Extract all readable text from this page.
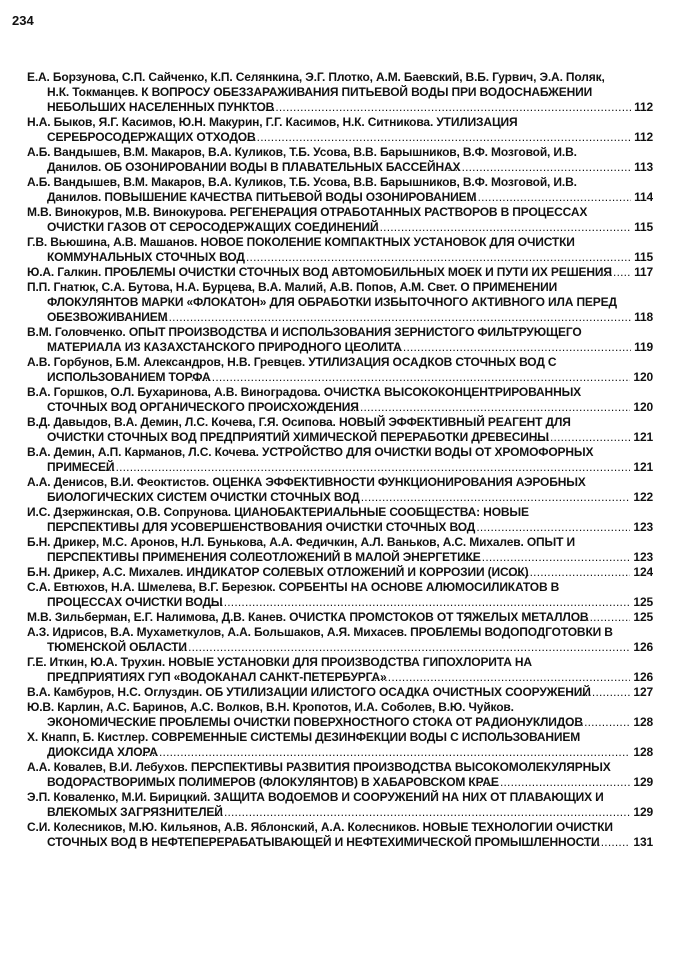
234
Е.А. Борзунова, С.П. Сайченко, К.П. Селянкина, Э.Г. Плотко, А.М. Баевский, В.Б. Гурвич, Э.А. Поляк, Н.К. Токманцев. К ВОПРОСУ ОБЕЗЗАРАЖИВАНИЯ ПИТЬЕВОЙ ВОДЫ ПРИ ВОДОСНАБЖЕНИИ НЕБОЛЬШИХ НАСЕЛЕННЫХ ПУНКТОВ .....	112
Н.А. Быков, Я.Г. Касимов, Ю.Н. Макурин, Г.Г. Касимов, Н.К. Ситникова. УТИЛИЗАЦИЯ СЕРЕБРОСОДЕРЖАЩИХ ОТХОДОВ .....	112
А.Б. Вандышев, В.М. Макаров, В.А. Куликов, Т.Б. Усова, В.В. Барышников, В.Ф. Мозговой, И.В. Данилов. ОБ ОЗОНИРОВАНИИ ВОДЫ В ПЛАВАТЕЛЬНЫХ БАССЕЙНАХ .....	113
А.Б. Вандышев, В.М. Макаров, В.А. Куликов, Т.Б. Усова, В.В. Барышников, В.Ф. Мозговой, И.В. Данилов. ПОВЫШЕНИЕ КАЧЕСТВА ПИТЬЕВОЙ ВОДЫ ОЗОНИРОВАНИЕМ .....	114
М.В. Винокуров, М.В. Винокурова. РЕГЕНЕРАЦИЯ ОТРАБОТАННЫХ РАСТВОРОВ В ПРОЦЕССАХ ОЧИСТКИ ГАЗОВ ОТ СЕРОСОДЕРЖАЩИХ СОЕДИНЕНИЙ .....	115
Г.В. Вьюшина, А.В. Машанов. НОВОЕ ПОКОЛЕНИЕ КОМПАКТНЫХ УСТАНОВОК ДЛЯ ОЧИСТКИ КОММУНАЛЬНЫХ СТОЧНЫХ ВОД .....	115
Ю.А. Галкин. ПРОБЛЕМЫ ОЧИСТКИ СТОЧНЫХ ВОД АВТОМОБИЛЬНЫХ МОЕК И ПУТИ ИХ РЕШЕНИЯ ..... 117
П.П. Гнатюк, С.А. Бутова, Н.А. Бурцева, В.А. Малий, А.В. Попов, А.М. Свет. О ПРИМЕНЕНИИ ФЛОКУЛЯНТОВ МАРКИ «ФЛОКАТОН» ДЛЯ ОБРАБОТКИ ИЗБЫТОЧНОГО АКТИВНОГО ИЛА ПЕРЕД ОБЕЗВОЖИВАНИЕМ .....	118
В.М. Головченко. ОПЫТ ПРОИЗВОДСТВА И ИСПОЛЬЗОВАНИЯ ЗЕРНИСТОГО ФИЛЬТРУЮЩЕГО МАТЕРИАЛА ИЗ КАЗАХСТАНСКОГО ПРИРОДНОГО ЦЕОЛИТА .....	119
А.В. Горбунов, Б.М. Александров, Н.В. Гревцев. УТИЛИЗАЦИЯ ОСАДКОВ СТОЧНЫХ ВОД С ИСПОЛЬЗОВАНИЕМ ТОРФА .....	120
В.А. Горшков, О.Л. Бухаринова, А.В. Виноградова. ОЧИСТКА ВЫСОКОКОНЦЕНТРИРОВАННЫХ СТОЧНЫХ ВОД ОРГАНИЧЕСКОГО ПРОИСХОЖДЕНИЯ .....	120
В.Д. Давыдов, В.А. Демин, Л.С. Кочева, Г.Я. Осипова. НОВЫЙ ЭФФЕКТИВНЫЙ РЕАГЕНТ ДЛЯ ОЧИСТКИ СТОЧНЫХ ВОД ПРЕДПРИЯТИЙ ХИМИЧЕСКОЙ ПЕРЕРАБОТКИ ДРЕВЕСИНЫ .....	121
В.А. Демин, А.П. Карманов, Л.С. Кочева. УСТРОЙСТВО ДЛЯ ОЧИСТКИ ВОДЫ ОТ ХРОМОФОРНЫХ ПРИМЕСЕЙ .....	121
А.А. Денисов, В.И. Феоктистов. ОЦЕНКА ЭФФЕКТИВНОСТИ ФУНКЦИОНИРОВАНИЯ АЭРОБНЫХ БИОЛОГИЧЕСКИХ СИСТЕМ ОЧИСТКИ СТОЧНЫХ ВОД .....	122
И.С. Дзержинская, О.В. Сопрунова. ЦИАНОБАКТЕРИАЛЬНЫЕ СООБЩЕСТВА: НОВЫЕ ПЕРСПЕКТИВЫ ДЛЯ УСОВЕРШЕНСТВОВАНИЯ ОЧИСТКИ СТОЧНЫХ ВОД .....	123
Б.Н. Дрикер, М.С. Аронов, Н.Л. Бунькова, А.А. Федичкин, А.Л. Ваньков, А.С. Михалев. ОПЫТ И ПЕРСПЕКТИВЫ ПРИМЕНЕНИЯ СОЛЕОТЛОЖЕНИЙ В МАЛОЙ ЭНЕРГЕТИКЕ .....	123
Б.Н. Дрикер, А.С. Михалев. ИНДИКАТОР СОЛЕВЫХ ОТЛОЖЕНИЙ И КОРРОЗИИ (ИСОК) .....	124
С.А. Евтюхов, Н.А. Шмелева, В.Г. Березюк. СОРБЕНТЫ НА ОСНОВЕ АЛЮМОСИЛИКАТОВ В ПРОЦЕССАХ ОЧИСТКИ ВОДЫ .....	125
М.В. Зильберман, Е.Г. Налимова, Д.В. Канев. ОЧИСТКА ПРОМСТОКОВ ОТ ТЯЖЕЛЫХ МЕТАЛЛОВ .....	125
А.З. Идрисов, В.А. Мухаметкулов, А.А. Большаков, А.Я. Михасев. ПРОБЛЕМЫ ВОДОПОДГОТОВКИ В ТЮМЕНСКОЙ ОБЛАСТИ .....	126
Г.Е. Иткин, Ю.А. Трухин. НОВЫЕ УСТАНОВКИ ДЛЯ ПРОИЗВОДСТВА ГИПОХЛОРИТА НА ПРЕДПРИЯТИЯХ ГУП «ВОДОКАНАЛ САНКТ-ПЕТЕРБУРГА» .....	126
В.А. Камбуров, Н.С. Оглуздин. ОБ УТИЛИЗАЦИИ ИЛИСТОГО ОСАДКА ОЧИСТНЫХ СООРУЖЕНИЙ .....	127
Ю.В. Карлин, А.С. Баринов, А.С. Волков, В.Н. Кропотов, И.А. Соболев, В.Ю. Чуйков. ЭКОНОМИЧЕСКИЕ ПРОБЛЕМЫ ОЧИСТКИ ПОВЕРХНОСТНОГО СТОКА ОТ РАДИОНУКЛИДОВ .....	128
Х. Кнапп, Б. Кистлер. СОВРЕМЕННЫЕ СИСТЕМЫ ДЕЗИНФЕКЦИИ ВОДЫ С ИСПОЛЬЗОВАНИЕМ ДИОКСИДА ХЛОРА .....	128
А.А. Ковалев, В.И. Лебухов. ПЕРСПЕКТИВЫ РАЗВИТИЯ ПРОИЗВОДСТВА ВЫСОКОМОЛЕКУЛЯРНЫХ ВОДОРАСТВОРИМЫХ ПОЛИМЕРОВ (ФЛОКУЛЯНТОВ) В ХАБАРОВСКОМ КРАЕ .....	129
Э.П. Коваленко, М.И. Бирицкий. ЗАЩИТА ВОДОЕМОВ И СООРУЖЕНИЙ НА НИХ ОТ ПЛАВАЮЩИХ И ВЛЕКОМЫХ ЗАГРЯЗНИТЕЛЕЙ .....	129
С.И. Колесников, М.Ю. Кильянов, А.В. Яблонский, А.А. Колесников. НОВЫЕ ТЕХНОЛОГИИ ОЧИСТКИ СТОЧНЫХ ВОД В НЕФТЕПЕРЕРАБАТЫВАЮЩЕЙ И НЕФТЕХИМИЧЕСКОЙ ПРОМЫШЛЕННОСТИ .....	131
